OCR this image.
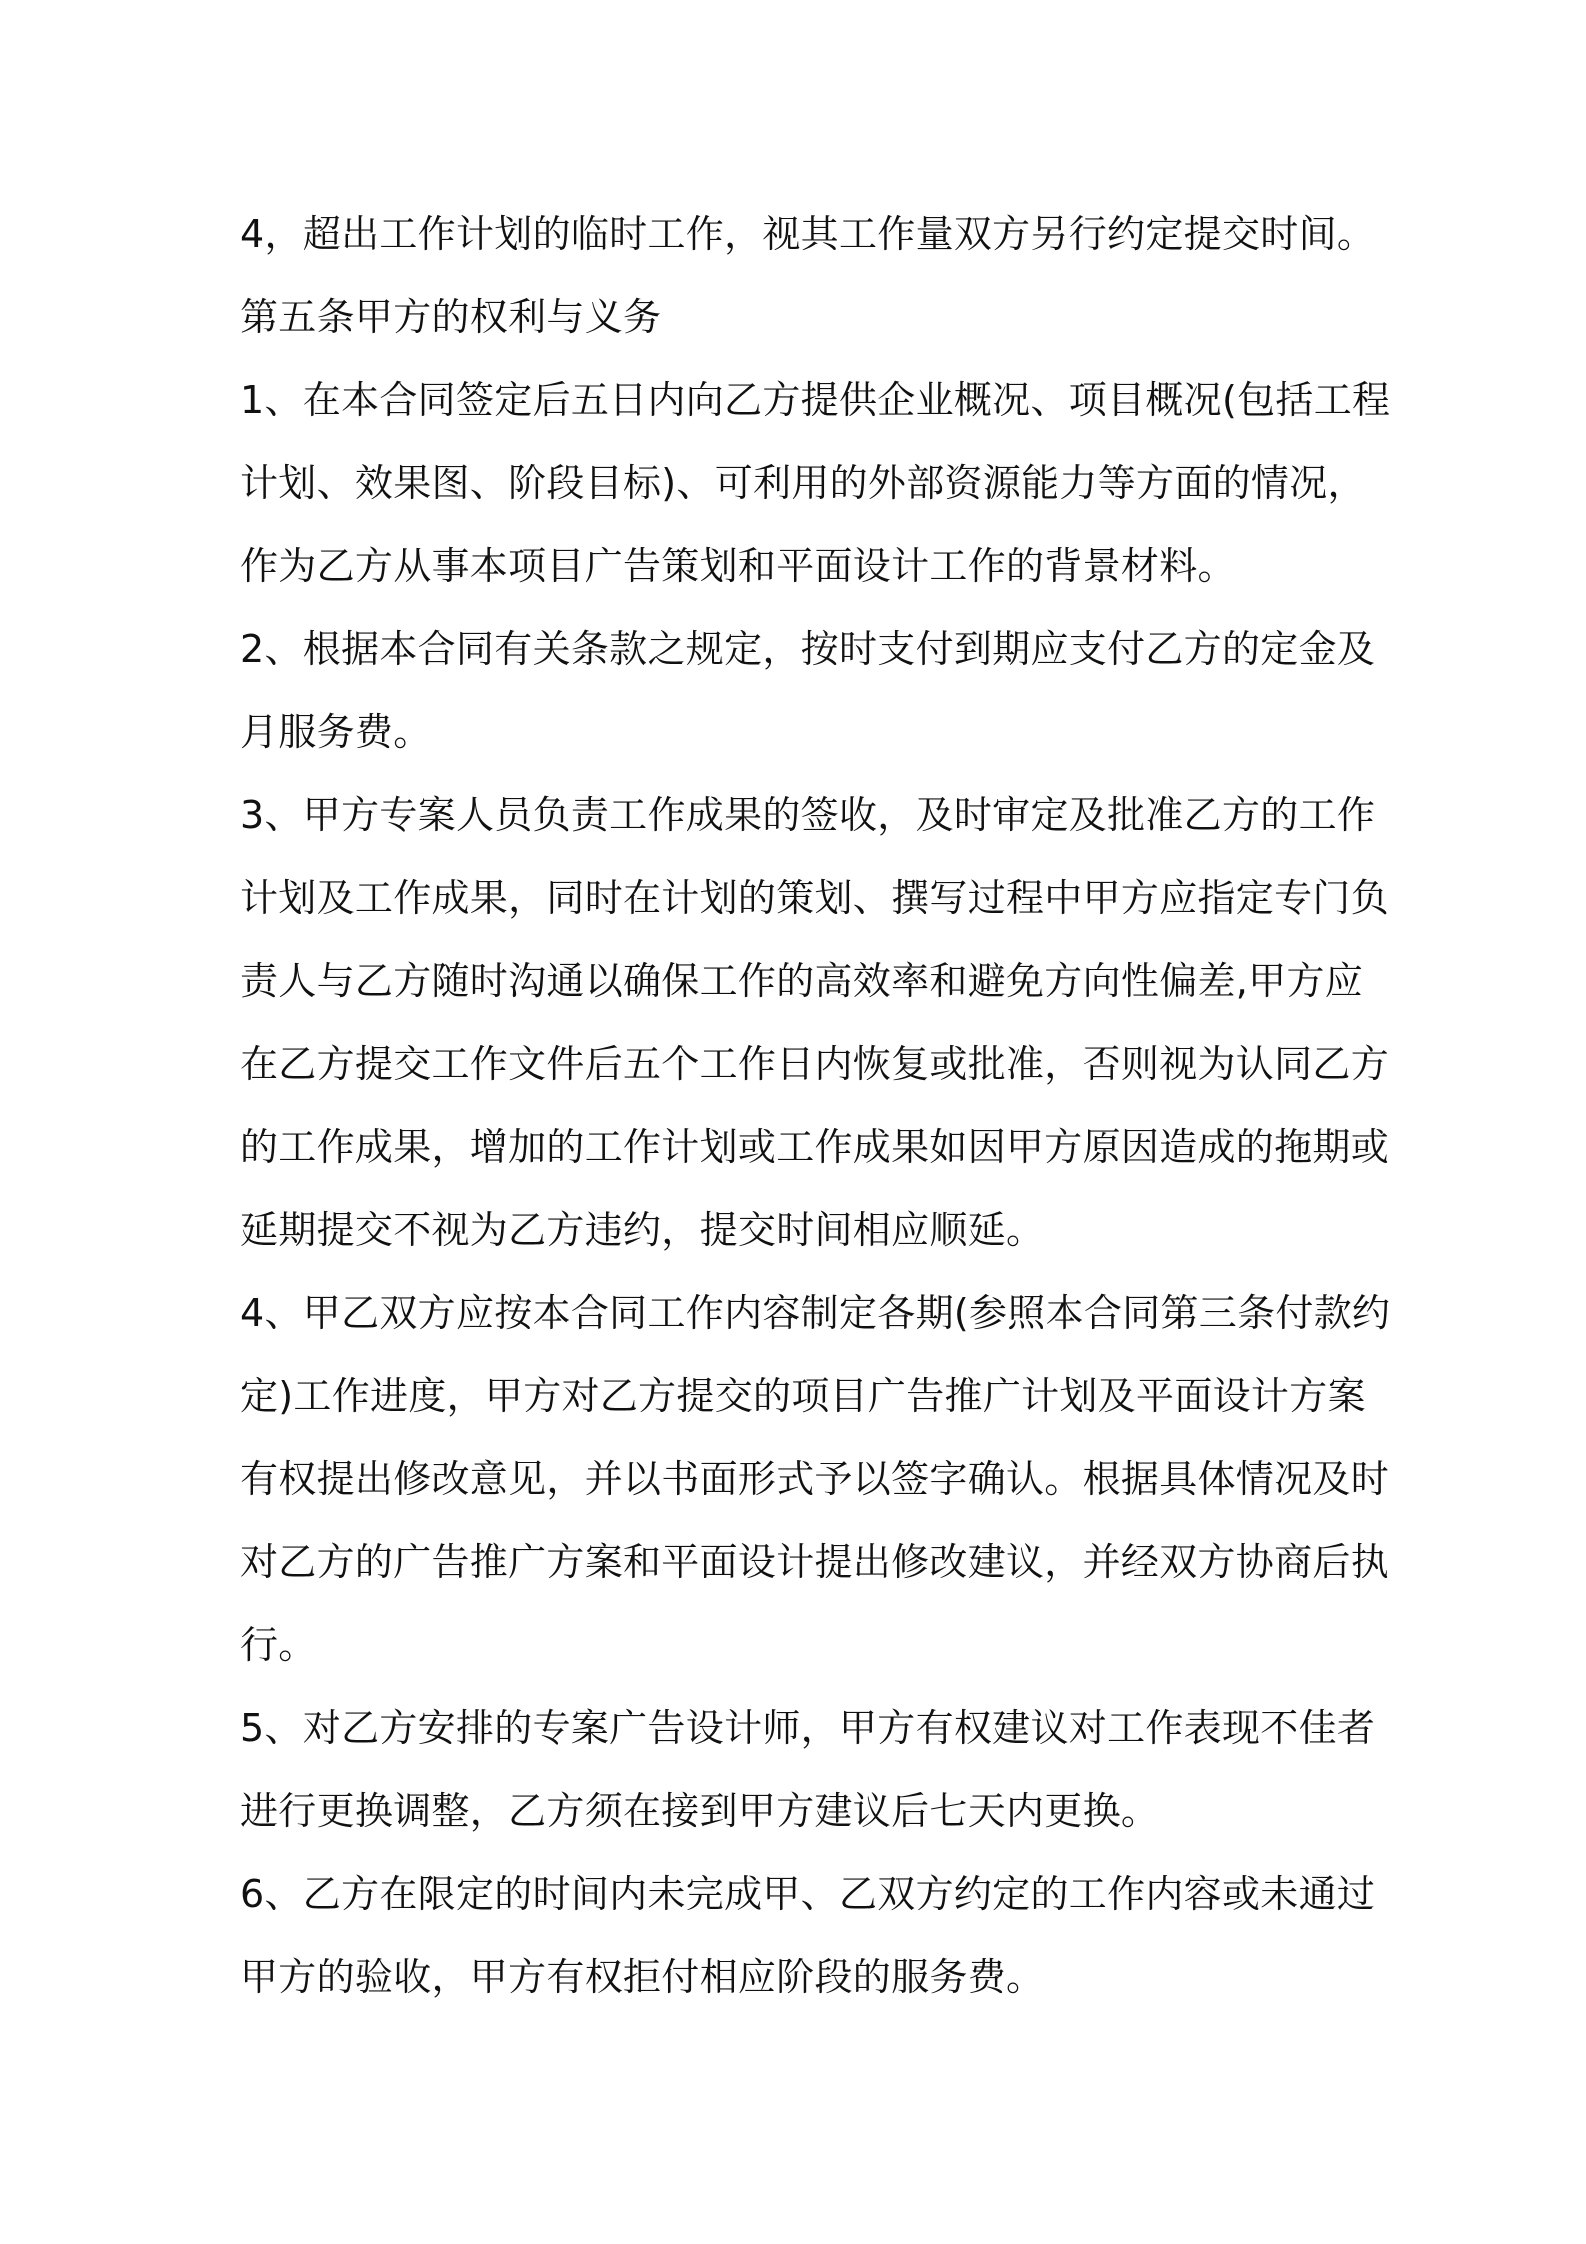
4，超出工作计划的临时工作，视其工作量双方另行约定提交时间。
第五条甲方的权利与义务
1、在本合同签定后五日内向乙方提供企业概况、项目概况(包括工程
计划、效果图、阶段目标)、可利用的外部资源能力等方面的情况，
作为乙方从事本项目广告策划和平面设计工作的背景材料。
2、根据本合同有关条款之规定，按时支付到期应支付乙方的定金及
月服务费。
3、甲方专案人员负责工作成果的签收，及时审定及批准乙方的工作
计划及工作成果，同时在计划的策划、撰写过程中甲方应指定专门负
责人与乙方随时沟通以确保工作的高效率和避免方向性偏差,甲方应
在乙方提交工作文件后五个工作日内恢复或批准，否则视为认同乙方
的工作成果，增加的工作计划或工作成果如因甲方原因造成的拖期或
延期提交不视为乙方违约，提交时间相应顺延。
4、甲乙双方应按本合同工作内容制定各期(参照本合同第三条付款约
定)工作进度，甲方对乙方提交的项目广告推广计划及平面设计方案
有权提出修改意见，并以书面形式予以签字确认。根据具体情况及时
对乙方的广告推广方案和平面设计提出修改建议，并经双方协商后执
行。
5、对乙方安排的专案广告设计师，甲方有权建议对工作表现不佳者
进行更换调整，乙方须在接到甲方建议后七天内更换。
6、乙方在限定的时间内未完成甲、乙双方约定的工作内容或未通过
甲方的验收，甲方有权拒付相应阶段的服务费。
